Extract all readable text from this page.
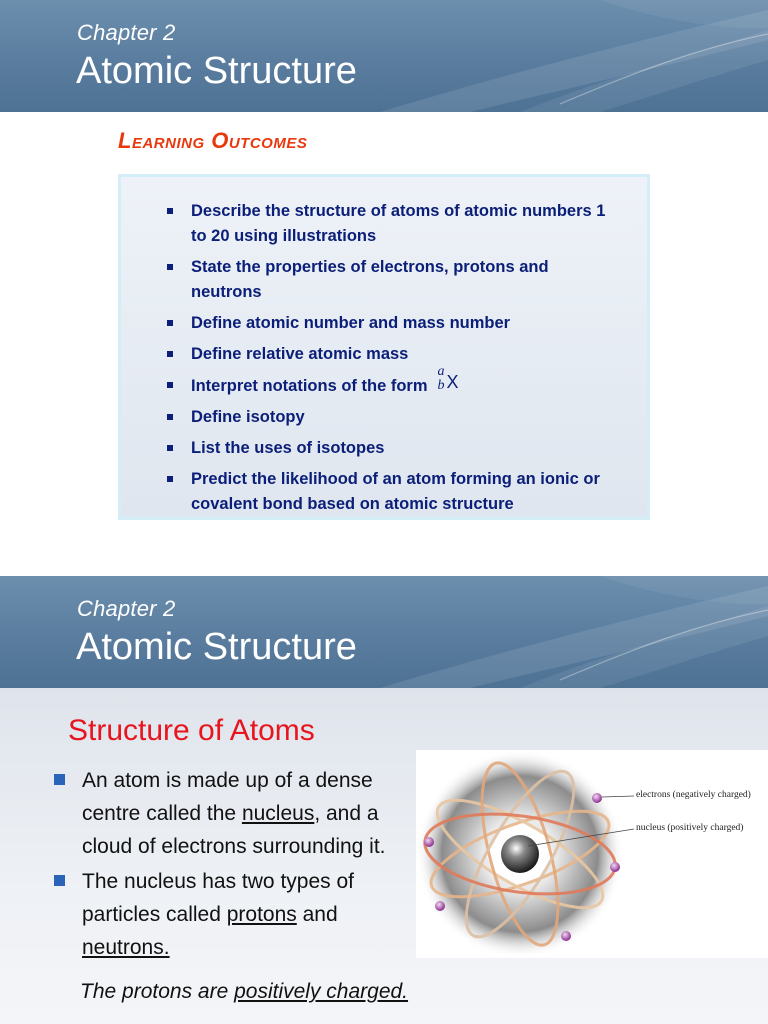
Chapter 2
Atomic Structure
Learning Outcomes
Describe the structure of atoms of atomic numbers 1 to 20 using illustrations
State the properties of electrons, protons and neutrons
Define atomic number and mass number
Define relative atomic mass
Interpret notations of the form
a
b X
Define isotopy
List the uses of isotopes
Predict the likelihood of an atom forming an ionic or covalent bond based on atomic structure
Chapter 2
Atomic Structure
Structure of Atoms
An atom is made up of a dense centre called the nucleus, and a cloud of electrons surrounding it.
The nucleus has two types of particles called protons and neutrons.
The protons are positively charged.
electrons (negatively charged)
nucleus (positively charged)
